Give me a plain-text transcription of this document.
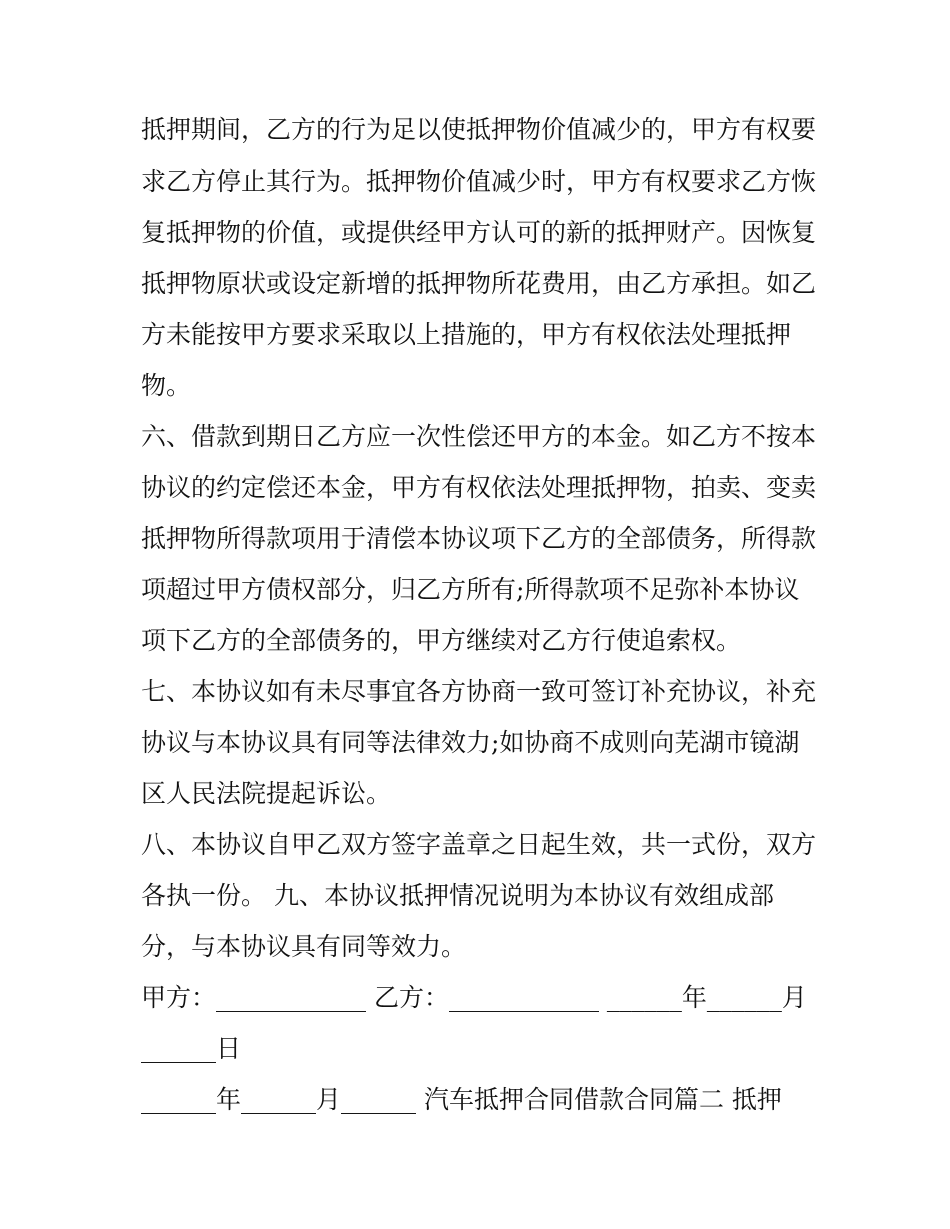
抵押期间，乙方的行为足以使抵押物价值减少的，甲方有权要
求乙方停止其行为。抵押物价值减少时，甲方有权要求乙方恢
复抵押物的价值，或提供经甲方认可的新的抵押财产。因恢复
抵押物原状或设定新增的抵押物所花费用，由乙方承担。如乙
方未能按甲方要求采取以上措施的，甲方有权依法处理抵押
物。
六、借款到期日乙方应一次性偿还甲方的本金。如乙方不按本
协议的约定偿还本金，甲方有权依法处理抵押物，拍卖、变卖
抵押物所得款项用于清偿本协议项下乙方的全部债务，所得款
项超过甲方债权部分，归乙方所有;所得款项不足弥补本协议
项下乙方的全部债务的，甲方继续对乙方行使追索权。
七、本协议如有未尽事宜各方协商一致可签订补充协议，补充
协议与本协议具有同等法律效力;如协商不成则向芜湖市镜湖
区人民法院提起诉讼。
八、本协议自甲乙双方签字盖章之日起生效，共一式份，双方
各执一份。 九、本协议抵押情况说明为本协议有效组成部
分，与本协议具有同等效力。
甲方：____________ 乙方：____________ ______年______月
______日
______年______月______ 汽车抵押合同借款合同篇二 抵押
